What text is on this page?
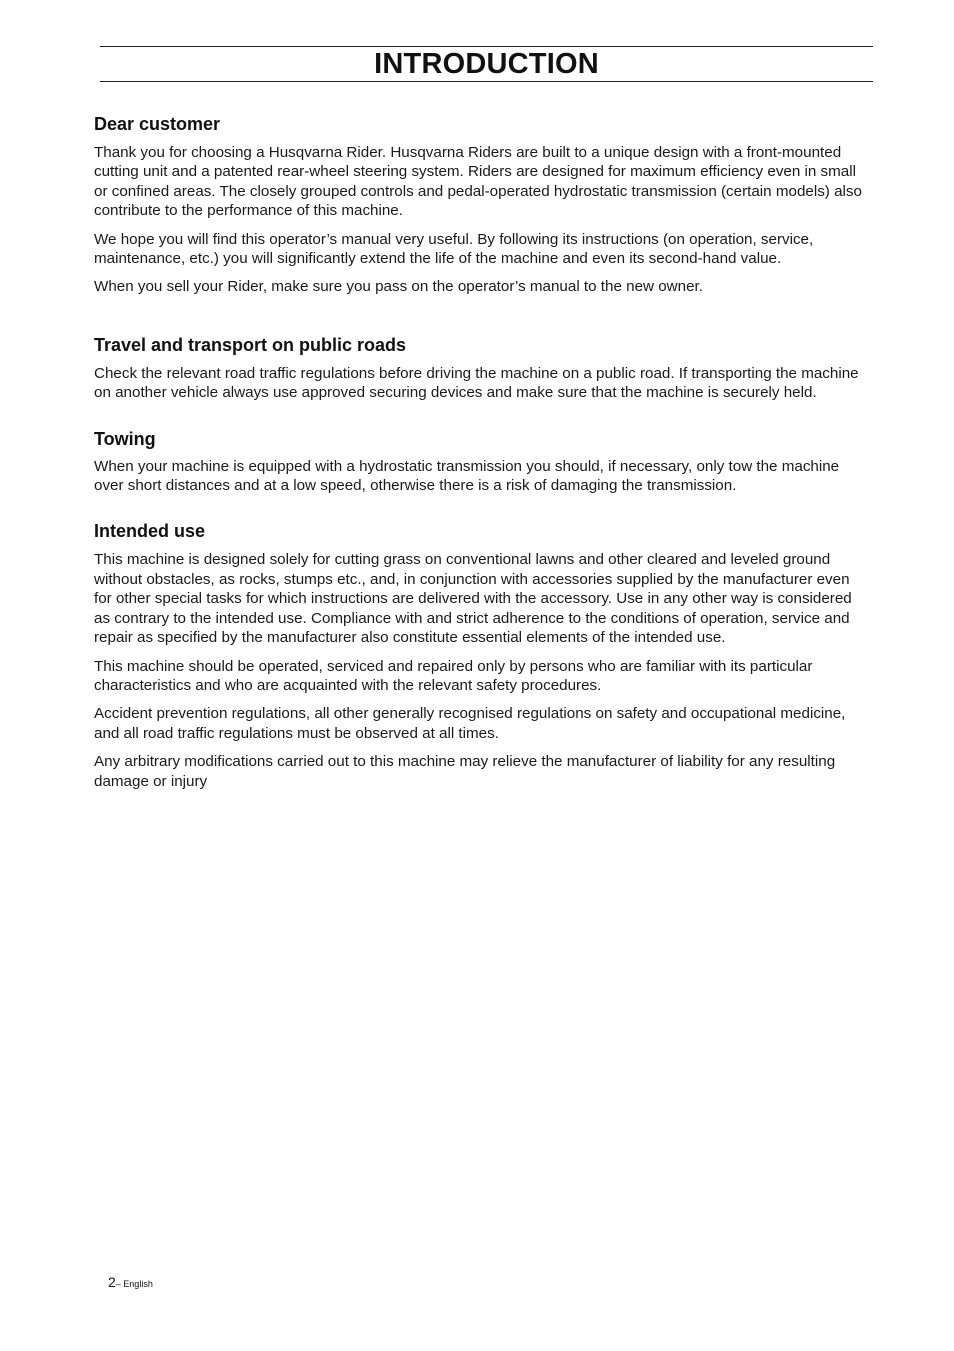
INTRODUCTION
Dear customer

Thank you for choosing a Husqvarna Rider. Husqvarna Riders are built to a unique design with a front-mounted cutting unit and a patented rear-wheel steering system. Riders are designed for maximum efficiency even in small or confined areas. The closely grouped controls and pedal-operated hydrostatic transmission (certain models) also contribute to the performance of this machine.

We hope you will find this operator’s manual very useful. By following its instructions (on operation, service, maintenance, etc.) you will significantly extend the life of the machine and even its second-hand value.

When you sell your Rider, make sure you pass on the operator’s manual to the new owner.

Travel and transport on public roads

Check the relevant road traffic regulations before driving the machine on a public road. If transporting the machine on another vehicle always use approved securing devices and make sure that the machine is securely held.

Towing

When your machine is equipped with a hydrostatic transmission you should, if necessary, only tow the machine over short distances and at a low speed, otherwise there is a risk of damaging the transmission.

Intended use

This machine is designed solely for cutting grass on conventional lawns and other cleared and leveled ground without obstacles, as rocks, stumps etc., and, in conjunction with accessories supplied by the manufacturer even for other special tasks for which instructions are delivered with the accessory. Use in any other way is considered as contrary to the intended use. Compliance with and strict adherence to the conditions of operation, service and repair as specified by the manufacturer also constitute essential elements of the intended use.

This machine should be operated, serviced and repaired only by persons who are familiar with its particular characteristics and who are acquainted with the relevant safety procedures.

Accident prevention regulations, all other generally recognised regulations on safety and occupational medicine, and all road traffic regulations must be observed at all times.

Any arbitrary modifications carried out to this machine may relieve the manufacturer of liability for any resulting damage or injury

2– English
